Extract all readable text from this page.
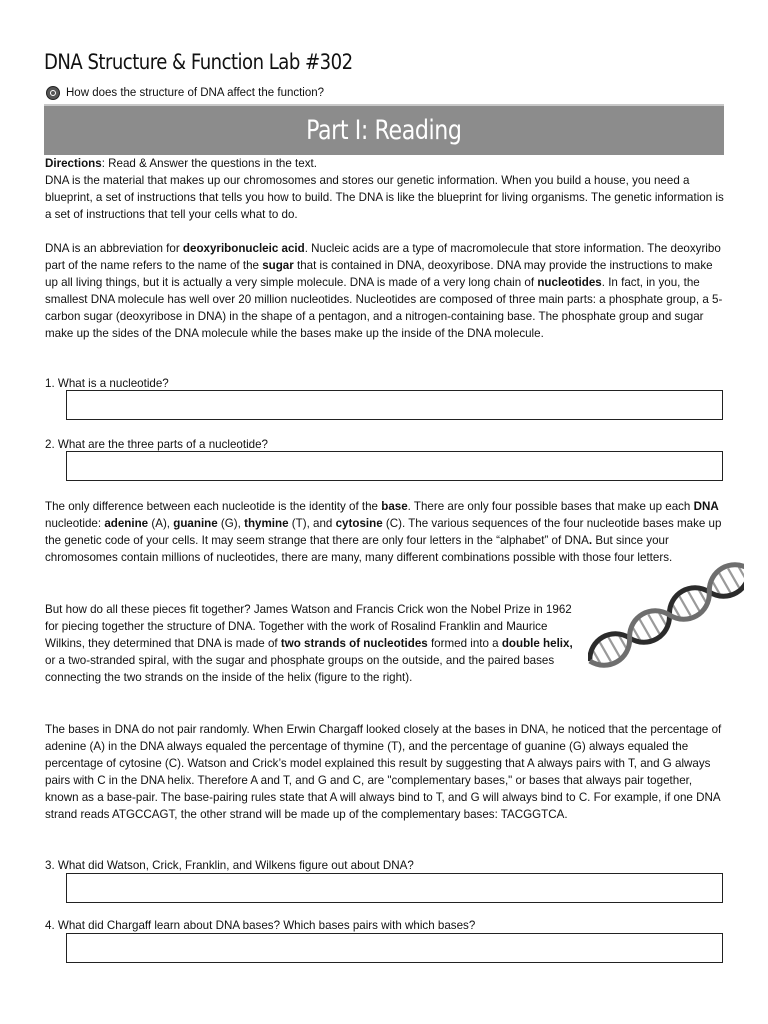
DNA Structure & Function Lab #302
How does the structure of DNA affect the function?
Part I: Reading

Directions: Read & Answer the questions in the text.
DNA is the material that makes up our chromosomes and stores our genetic information. When you build a house, you need a blueprint, a set of instructions that tells you how to build. The DNA is like the blueprint for living organisms. The genetic information is a set of instructions that tell your cells what to do.

DNA is an abbreviation for deoxyribonucleic acid. Nucleic acids are a type of macromolecule that store information. The deoxyribo part of the name refers to the name of the sugar that is contained in DNA, deoxyribose. DNA may provide the instructions to make up all living things, but it is actually a very simple molecule. DNA is made of a very long chain of nucleotides. In fact, in you, the smallest DNA molecule has well over 20 million nucleotides. Nucleotides are composed of three main parts: a phosphate group, a 5-carbon sugar (deoxyribose in DNA) in the shape of a pentagon, and a nitrogen-containing base. The phosphate group and sugar make up the sides of the DNA molecule while the bases make up the inside of the DNA molecule.

1. What is a nucleotide?

2. What are the three parts of a nucleotide?

The only difference between each nucleotide is the identity of the base. There are only four possible bases that make up each DNA nucleotide: adenine (A), guanine (G), thymine (T), and cytosine (C). The various sequences of the four nucleotide bases make up the genetic code of your cells. It may seem strange that there are only four letters in the “alphabet” of DNA. But since your chromosomes contain millions of nucleotides, there are many, many different combinations possible with those four letters.

But how do all these pieces fit together? James Watson and Francis Crick won the Nobel Prize in 1962 for piecing together the structure of DNA. Together with the work of Rosalind Franklin and Maurice Wilkins, they determined that DNA is made of two strands of nucleotides formed into a double helix, or a two-stranded spiral, with the sugar and phosphate groups on the outside, and the paired bases connecting the two strands on the inside of the helix (figure to the right).

The bases in DNA do not pair randomly. When Erwin Chargaff looked closely at the bases in DNA, he noticed that the percentage of adenine (A) in the DNA always equaled the percentage of thymine (T), and the percentage of guanine (G) always equaled the percentage of cytosine (C). Watson and Crick’s model explained this result by suggesting that A always pairs with T, and G always pairs with C in the DNA helix. Therefore A and T, and G and C, are "complementary bases," or bases that always pair together, known as a base-pair. The base-pairing rules state that A will always bind to T, and G will always bind to C. For example, if one DNA strand reads ATGCCAGT, the other strand will be made up of the complementary bases: TACGGTCA.

3. What did Watson, Crick, Franklin, and Wilkens figure out about DNA?

4. What did Chargaff learn about DNA bases? Which bases pairs with which bases?
